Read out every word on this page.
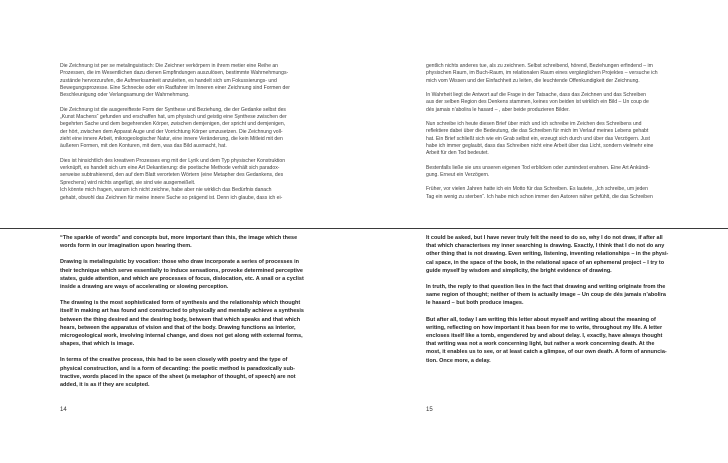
Die Zeichnung ist per se metalinguistisch: Die Zeichner verkörpern in ihrem metier eine Reihe an
Prozessen, die im Wesentlichen dazu dienen Empfindungen auszulösen, bestimmte Wahrnehmungs-
zustände hervorzurufen, die Aufmerksamkeit anzuleiten, es handelt sich um Fokussierungs- und
Bewegungsprozesse. Eine Schnecke oder ein Radfahrer im Inneren einer Zeichnung sind Formen der
Beschleunigung oder Verlangsamung der Wahrnehmung.
Die Zeichnung ist die ausgereifteste Form der Synthese und Beziehung, die der Gedanke selbst des
„Kunst Machens“ gefunden und erschaffen hat, um physisch und geistig eine Synthese zwischen der
begehrten Sache und dem begehrenden Körper, zwischen demjenigen, der spricht und demjenigen,
der hört, zwischen dem Apparat Auge und der Vorrichtung Körper umzusetzen. Die Zeichnung voll-
zieht eine innere Arbeit, mikrogeologischer Natur, eine innere Veränderung, die kein Mitleid mit den
äußeren Formen, mit den Konturen, mit dem, was das Bild ausmacht, hat.
Dies ist hinsichtlich des kreativen Prozesses eng mit der Lyrik und dem Typ physischer Konstruktion
verknüpft, es handelt sich um eine Art Dekantierung: die poetische Methode verhält sich paradox-
serweise subtrahierend, den auf dem Blatt verorteten Wörtern (eine Metapher des Gedankens, des
Sprechens) wird nichts angefügt, sie sind wie ausgemeißelt.
Ich könnte mich fragen, warum ich nicht zeichne, habe aber nie wirklich das Bedürfnis danach
gehabt, obwohl das Zeichnen für meine innere Suche so prägend ist. Denn ich glaube, dass ich ei-
gentlich nichts anderes tue, als zu zeichnen. Selbst schreibend, hörend, Beziehungen erfindend – im
physischen Raum, im Buch-Raum, im relationalen Raum eines vergänglichen Projektes – versuche ich
mich vom Wissen und der Einfachheit zu leiten, die leuchtende Offenkundigkeit der Zeichnung.
In Wahrheit liegt die Antwort auf die Frage in der Tatsache, dass das Zeichnen und das Schreiben
aus der selben Region des Denkens stammen, keines von beiden ist wirklich ein Bild – Un coup de
dés jamais n’abolira le hasard – , aber beide produzieren Bilder.
Nun schreibe ich heute diesen Brief über mich und ich schreibe im Zeichen des Schreibens und
reflektiere dabei über die Bedeutung, die das Schreiben für mich im Verlauf meines Lebens gehabt
hat. Ein Brief schließt sich wie ein Grab selbst ein, erzeugt sich durch und über das Verzögern. Just
habe ich immer geglaubt, dass das Schreiben nicht eine Arbeit über das Licht, sondern vielmehr eine
Arbeit für den Tod bedeutet.
Bestenfalls ließe sie uns unseren eigenen Tod erblicken oder zumindest erahnen. Eine Art Ankündi-
gung. Erneut ein Verzögern.
Früher, vor vielen Jahren hatte ich ein Motto für das Schreiben. Es lautete, „Ich schreibe, um jeden
Tag ein wenig zu sterben“. Ich habe mich schon immer den Autoren näher gefühlt, die das Schreiben
“The sparkle of words” and concepts but, more important than this, the image which these
words form in our imagination upon hearing them.
Drawing is metalinguistic by vocation: those who draw incorporate a series of processes in
their technique which serve essentially to induce sensations, provoke determined perceptive
states, guide attention, and which are processes of focus, dislocation, etc. A snail or a cyclist
inside a drawing are ways of accelerating or slowing perception.
The drawing is the most sophisticated form of synthesis and the relationship which thought
itself in making art has found and constructed to physically and mentally achieve a synthesis
between the thing desired and the desiring body, between that which speaks and that which
hears, between the apparatus of vision and that of the body. Drawing functions as interior,
microgeological work, involving internal change, and does not get along with external forms,
shapes, that which is image.
In terms of the creative process, this had to be seen closely with poetry and the type of
physical construction, and is a form of decanting: the poetic method is paradoxically sub-
tractive, words placed in the space of the sheet (a metaphor of thought, of speech) are not
added, it is as if they are sculpted.
It could be asked, but I have never truly felt the need to do so, why I do not draw, if after all
that which characterises my inner searching is drawing. Exactly, I think that I do not do any
other thing that is not drawing. Even writing, listening, inventing relationships – in the physi-
cal space, in the space of the book, in the relational space of an ephemeral project – I try to
guide myself by wisdom and simplicity, the bright evidence of drawing.
In truth, the reply to that question lies in the fact that drawing and writing originate from the
same region of thought; neither of them is actually image – Un coup de dés jamais n’abolira
le hasard – but both produce images.
But after all, today I am writing this letter about myself and writing about the meaning of
writing, reflecting on how important it has been for me to write, throughout my life. A letter
encloses itself like a tomb, engendered by and about delay. I, exactly, have always thought
that writing was not a work concerning light, but rather a work concerning death. At the
most, it enables us to see, or at least catch a glimpse, of our own death. A form of annuncia-
tion. Once more, a delay.
14	15
